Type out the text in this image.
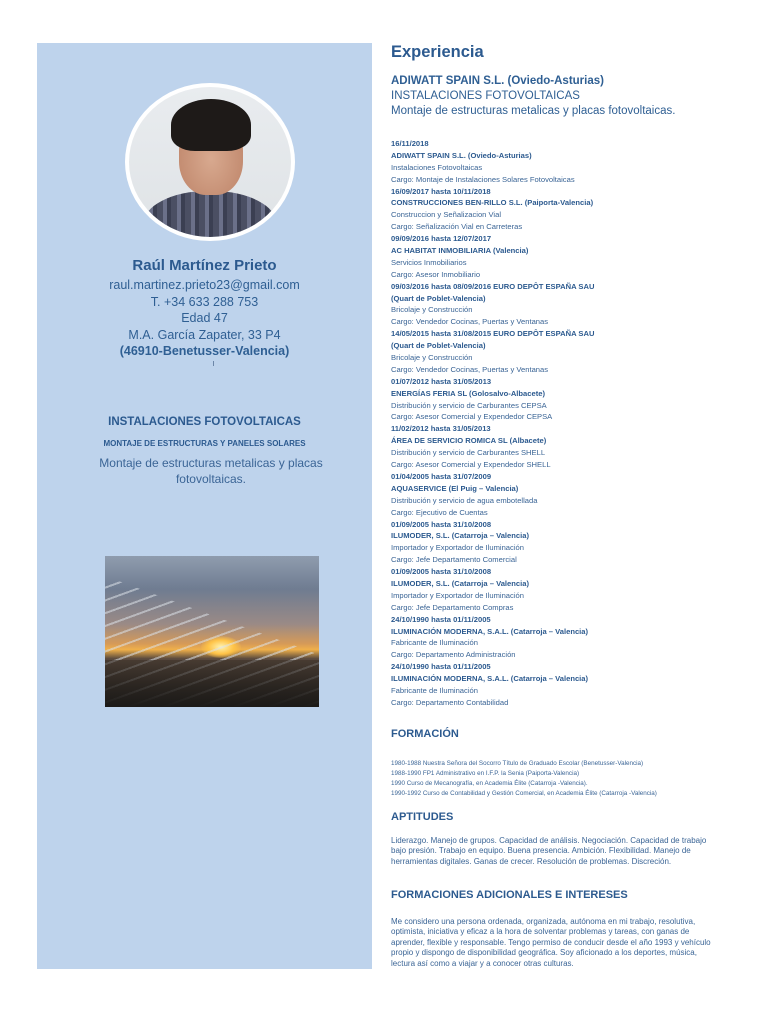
Raúl Martínez Prieto
raul.martinez.prieto23@gmail.com
T. +34 633 288 753
Edad 47
M.A. García Zapater, 33 P4
(46910-Benetusser-Valencia)
INSTALACIONES FOTOVOLTAICAS
MONTAJE DE ESTRUCTURAS Y PANELES SOLARES
Montaje de estructuras metalicas y placas fotovoltaicas.
Experiencia
ADIWATT SPAIN S.L. (Oviedo-Asturias)
INSTALACIONES FOTOVOLTAICAS
Montaje de estructuras metalicas y placas fotovoltaicas.
16/11/2018
ADIWATT SPAIN S.L. (Oviedo-Asturias)
Instalaciones Fotovoltaicas
Cargo: Montaje de Instalaciones Solares Fotovoltaicas
16/09/2017 hasta 10/11/2018
CONSTRUCCIONES BEN-RILLO S.L. (Paiporta-Valencia)
Construccion y Señalizacion Vial
Cargo: Señalización Vial en Carreteras
09/09/2016 hasta 12/07/2017
AC HABITAT INMOBILIARIA (Valencia)
Servicios Inmobiliarios
Cargo: Asesor Inmobiliario
09/03/2016 hasta 08/09/2016 EURO DEPÔT ESPAÑA SAU
(Quart de Poblet-Valencia)
Bricolaje y Construcción
Cargo: Vendedor Cocinas, Puertas y Ventanas
14/05/2015 hasta 31/08/2015 EURO DEPÔT ESPAÑA SAU
(Quart de Poblet-Valencia)
Bricolaje y Construcción
Cargo: Vendedor Cocinas, Puertas y Ventanas
01/07/2012 hasta 31/05/2013
ENERGÍAS FERIA SL (Golosalvo-Albacete)
Distribución y servicio de Carburantes CEPSA
Cargo: Asesor Comercial y Expendedor CEPSA
11/02/2012 hasta 31/05/2013
ÁREA DE SERVICIO ROMICA SL (Albacete)
Distribución y servicio de Carburantes SHELL
Cargo: Asesor Comercial y Expendedor SHELL
01/04/2005 hasta 31/07/2009
AQUASERVICE (El Puig – Valencia)
Distribución y servicio de agua embotellada
Cargo: Ejecutivo de Cuentas
01/09/2005 hasta 31/10/2008
ILUMODER, S.L. (Catarroja – Valencia)
Importador y Exportador de Iluminación
Cargo: Jefe Departamento Comercial
01/09/2005 hasta 31/10/2008
ILUMODER, S.L. (Catarroja – Valencia)
Importador y Exportador de Iluminación
Cargo: Jefe Departamento Compras
24/10/1990 hasta 01/11/2005
ILUMINACIÓN MODERNA, S.A.L. (Catarroja – Valencia)
Fabricante de Iluminación
Cargo: Departamento Administración
24/10/1990 hasta 01/11/2005
ILUMINACIÓN MODERNA, S.A.L. (Catarroja – Valencia)
Fabricante de Iluminación
Cargo: Departamento Contabilidad
FORMACIÓN
1980-1988 Nuestra Señora del Socorro Título de Graduado Escolar (Benetusser-Valencia)
1988-1990 FP1 Administrativo en I.F.P. la Senia (Paiporta-Valencia)
1990 Curso de Mecanografía, en Academia Élite (Catarroja -Valencia).
1990-1992 Curso de Contabilidad y Gestión Comercial, en Academia Élite (Catarroja -Valencia)
APTITUDES
Liderazgo. Manejo de grupos. Capacidad de análisis. Negociación. Capacidad de trabajo bajo presión. Trabajo en equipo. Buena presencia. Ambición. Flexibilidad. Manejo de herramientas digitales. Ganas de crecer. Resolución de problemas. Discreción.
FORMACIONES ADICIONALES E INTERESES
Me considero una persona ordenada, organizada, autónoma en mi trabajo, resolutiva, optimista, iniciativa y eficaz a la hora de solventar problemas y tareas, con ganas de aprender, flexible y responsable. Tengo permiso de conducir desde el año 1993 y vehículo propio y dispongo de disponibilidad geográfica. Soy aficionado a los deportes, música, lectura así como a viajar y a conocer otras culturas.
